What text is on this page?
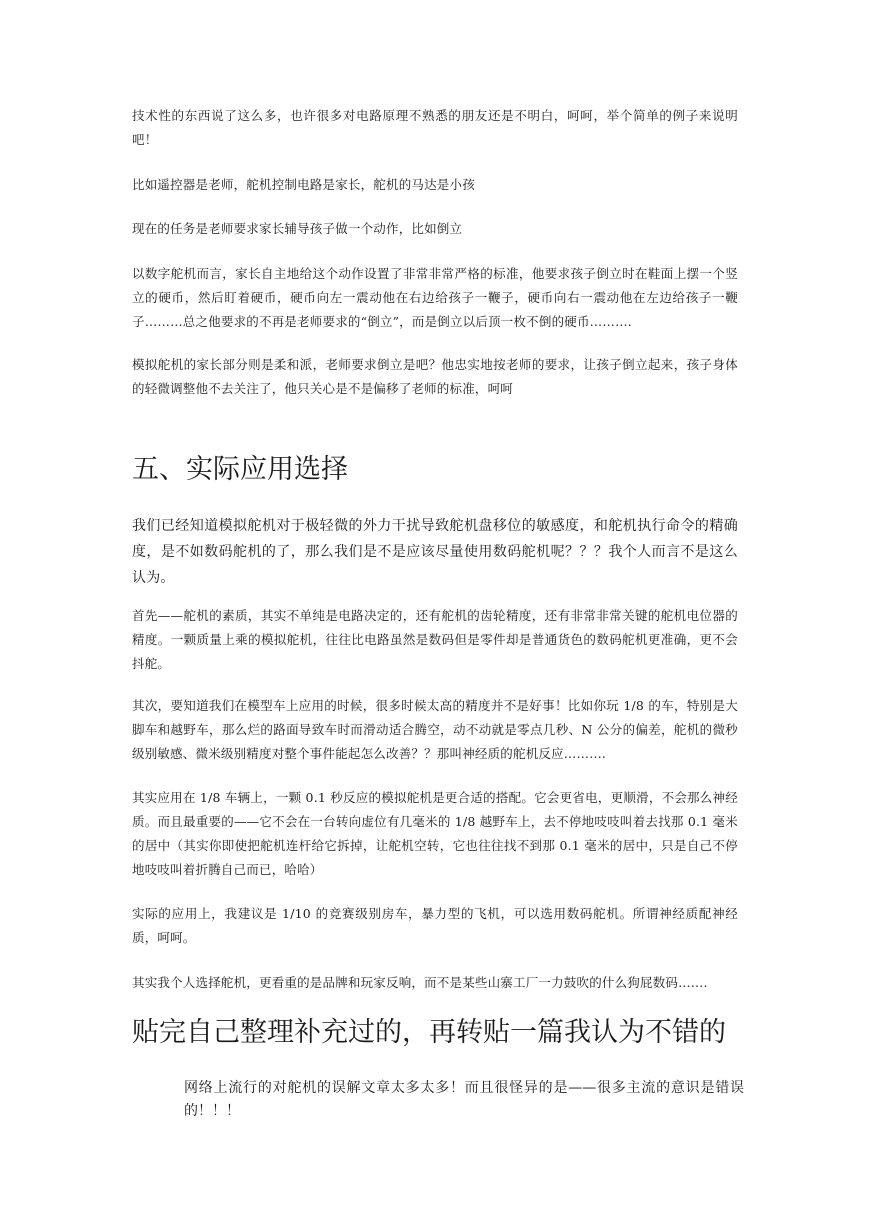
技术性的东西说了这么多，也许很多对电路原理不熟悉的朋友还是不明白，呵呵，举个简单的例子来说明吧！
比如遥控器是老师，舵机控制电路是家长，舵机的马达是小孩
现在的任务是老师要求家长辅导孩子做一个动作，比如倒立
以数字舵机而言，家长自主地给这个动作设置了非常非常严格的标准，他要求孩子倒立时在鞋面上摆一个竖立的硬币，然后盯着硬币，硬币向左一震动他在右边给孩子一鞭子，硬币向右一震动他在左边给孩子一鞭子………总之他要求的不再是老师要求的“倒立”，而是倒立以后顶一枚不倒的硬币……….
模拟舵机的家长部分则是柔和派，老师要求倒立是吧？他忠实地按老师的要求，让孩子倒立起来，孩子身体的轻微调整他不去关注了，他只关心是不是偏移了老师的标准，呵呵
五、实际应用选择
我们已经知道模拟舵机对于极轻微的外力干扰导致舵机盘移位的敏感度，和舵机执行命令的精确度，是不如数码舵机的了，那么我们是不是应该尽量使用数码舵机呢？？？我个人而言不是这么认为。
首先——舵机的素质，其实不单纯是电路决定的，还有舵机的齿轮精度，还有非常非常关键的舵机电位器的精度。一颗质量上乘的模拟舵机，往往比电路虽然是数码但是零件却是普通货色的数码舵机更准确，更不会抖舵。
其次，要知道我们在模型车上应用的时候，很多时候太高的精度并不是好事！比如你玩 1/8 的车，特别是大脚车和越野车，那么烂的路面导致车时而滑动适合腾空，动不动就是零点几秒、N 公分的偏差，舵机的微秒级别敏感、微米级别精度对整个事件能起怎么改善？？那叫神经质的舵机反应……….
其实应用在 1/8 车辆上，一颗 0.1 秒反应的模拟舵机是更合适的搭配。它会更省电，更顺滑，不会那么神经质。而且最重要的——它不会在一台转向虚位有几毫米的 1/8 越野车上，去不停地吱吱叫着去找那 0.1 毫米的居中（其实你即使把舵机连杆给它拆掉，让舵机空转，它也往往找不到那 0.1 毫米的居中，只是自己不停地吱吱叫着折腾自己而已，哈哈）
实际的应用上，我建议是 1/10 的竞赛级别房车，暴力型的飞机，可以选用数码舵机。所谓神经质配神经质，呵呵。
其实我个人选择舵机，更看重的是品牌和玩家反响，而不是某些山寨工厂一力鼓吹的什么狗屁数码…….
贴完自己整理补充过的，再转贴一篇我认为不错的
网络上流行的对舵机的误解文章太多太多！而且很怪异的是——很多主流的意识是错误的！！！
